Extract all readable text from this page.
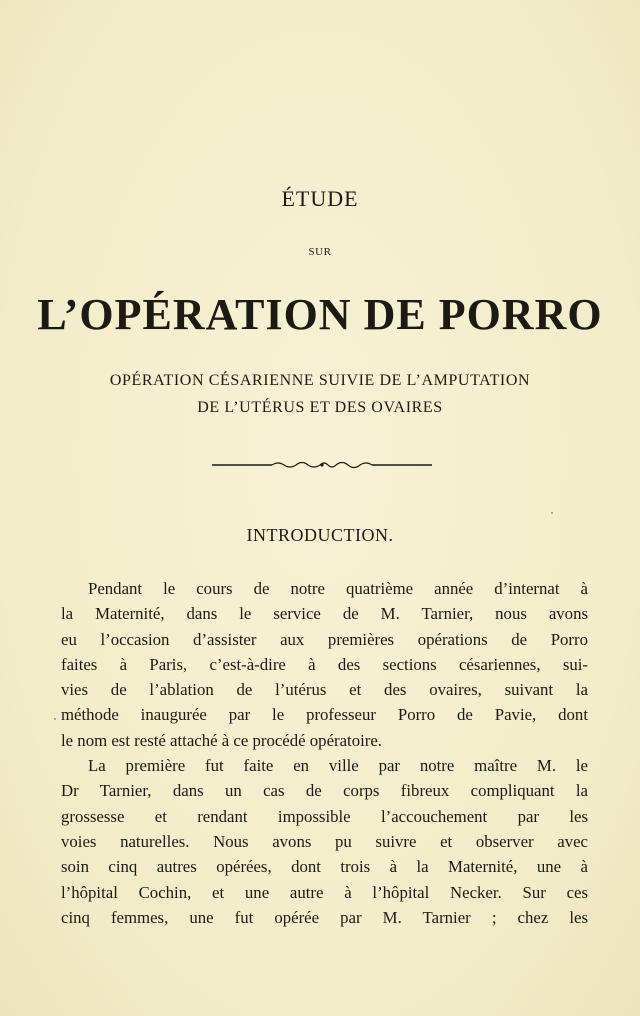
ÉTUDE
SUR
L’OPÉRATION DE PORRO
OPÉRATION CÉSARIENNE SUIVIE DE L’AMPUTATION
DE L’UTÉRUS ET DES OVAIRES
INTRODUCTION.
Pendant le cours de notre quatrième année d’internat à
la Maternité, dans le service de M. Tarnier, nous avons
eu l’occasion d’assister aux premières opérations de Porro
faites à Paris, c’est-à-dire à des sections césariennes, sui-
vies de l’ablation de l’utérus et des ovaires, suivant la
méthode inaugurée par le professeur Porro de Pavie, dont
le nom est resté attaché à ce procédé opératoire.
La première fut faite en ville par notre maître M. le
Dr Tarnier, dans un cas de corps fibreux compliquant la
grossesse et rendant impossible l’accouchement par les
voies naturelles. Nous avons pu suivre et observer avec
soin cinq autres opérées, dont trois à la Maternité, une à
l’hôpital Cochin, et une autre à l’hôpital Necker. Sur ces
cinq femmes, une fut opérée par M. Tarnier ; chez les
